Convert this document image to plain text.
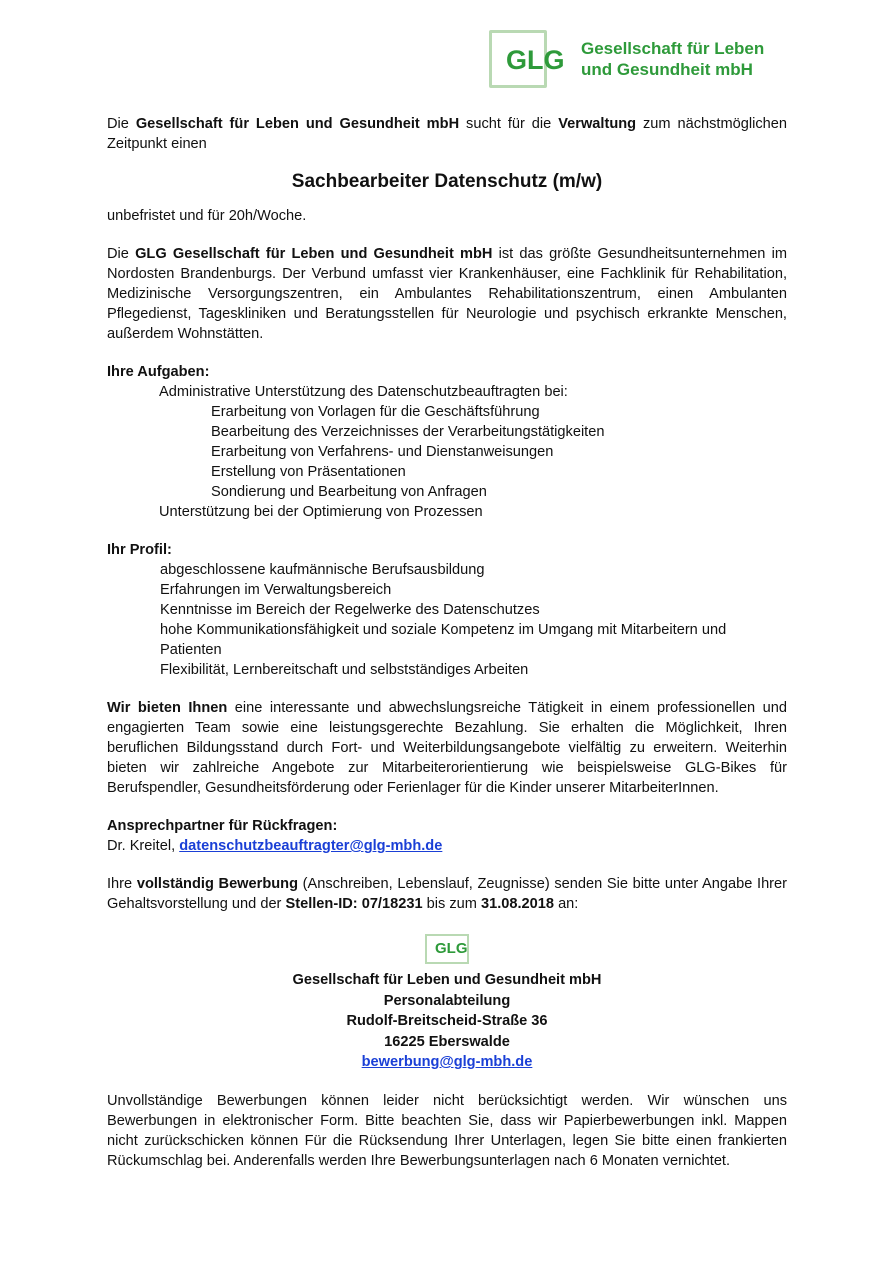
GLG Gesellschaft für Leben
und Gesundheit mbH

Die Gesellschaft für Leben und Gesundheit mbH sucht für die Verwaltung zum nächstmöglichen Zeitpunkt einen

Sachbearbeiter Datenschutz (m/w)

unbefristet und für 20h/Woche.

Die GLG Gesellschaft für Leben und Gesundheit mbH ist das größte Gesundheitsunternehmen im Nordosten Brandenburgs. Der Verbund umfasst vier Krankenhäuser, eine Fachklinik für Rehabilitation, Medizinische Versorgungszentren, ein Ambulantes Rehabilitationszentrum, einen Ambulanten Pflegedienst, Tageskliniken und Beratungsstellen für Neurologie und psychisch erkrankte Menschen, außerdem Wohnstätten.

Ihre Aufgaben:
Administrative Unterstützung des Datenschutzbeauftragten bei:
Erarbeitung von Vorlagen für die Geschäftsführung
Bearbeitung des Verzeichnisses der Verarbeitungstätigkeiten
Erarbeitung von Verfahrens- und Dienstanweisungen
Erstellung von Präsentationen
Sondierung und Bearbeitung von Anfragen
Unterstützung bei der Optimierung von Prozessen
Ihr Profil:
abgeschlossene kaufmännische Berufsausbildung
Erfahrungen im Verwaltungsbereich
Kenntnisse im Bereich der Regelwerke des Datenschutzes
hohe Kommunikationsfähigkeit und soziale Kompetenz im Umgang mit Mitarbeitern und Patienten
Flexibilität, Lernbereitschaft und selbstständiges Arbeiten

Wir bieten Ihnen eine interessante und abwechslungsreiche Tätigkeit in einem professionellen und engagierten Team sowie eine leistungsgerechte Bezahlung. Sie erhalten die Möglichkeit, Ihren beruflichen Bildungsstand durch Fort- und Weiterbildungsangebote vielfältig zu erweitern. Weiterhin bieten wir zahlreiche Angebote zur Mitarbeiterorientierung wie beispielsweise GLG-Bikes für Berufspendler, Gesundheitsförderung oder Ferienlager für die Kinder unserer MitarbeiterInnen.

Ansprechpartner für Rückfragen:

Dr. Kreitel, datenschutzbeauftragter@glg-mbh.de

Ihre vollständig Bewerbung (Anschreiben, Lebenslauf, Zeugnisse) senden Sie bitte unter Angabe Ihrer Gehaltsvorstellung und der Stellen-ID: 07/18231 bis zum 31.08.2018 an:

GLG
Gesellschaft für Leben und Gesundheit mbH
Personalabteilung
Rudolf-Breitscheid-Straße 36
16225 Eberswalde
bewerbung@glg-mbh.de

Unvollständige Bewerbungen können leider nicht berücksichtigt werden. Wir wünschen uns Bewerbungen in elektronischer Form. Bitte beachten Sie, dass wir Papierbewerbungen inkl. Mappen nicht zurückschicken können Für die Rücksendung Ihrer Unterlagen, legen Sie bitte einen frankierten Rückumschlag bei. Anderenfalls werden Ihre Bewerbungsunterlagen nach 6 Monaten vernichtet.
